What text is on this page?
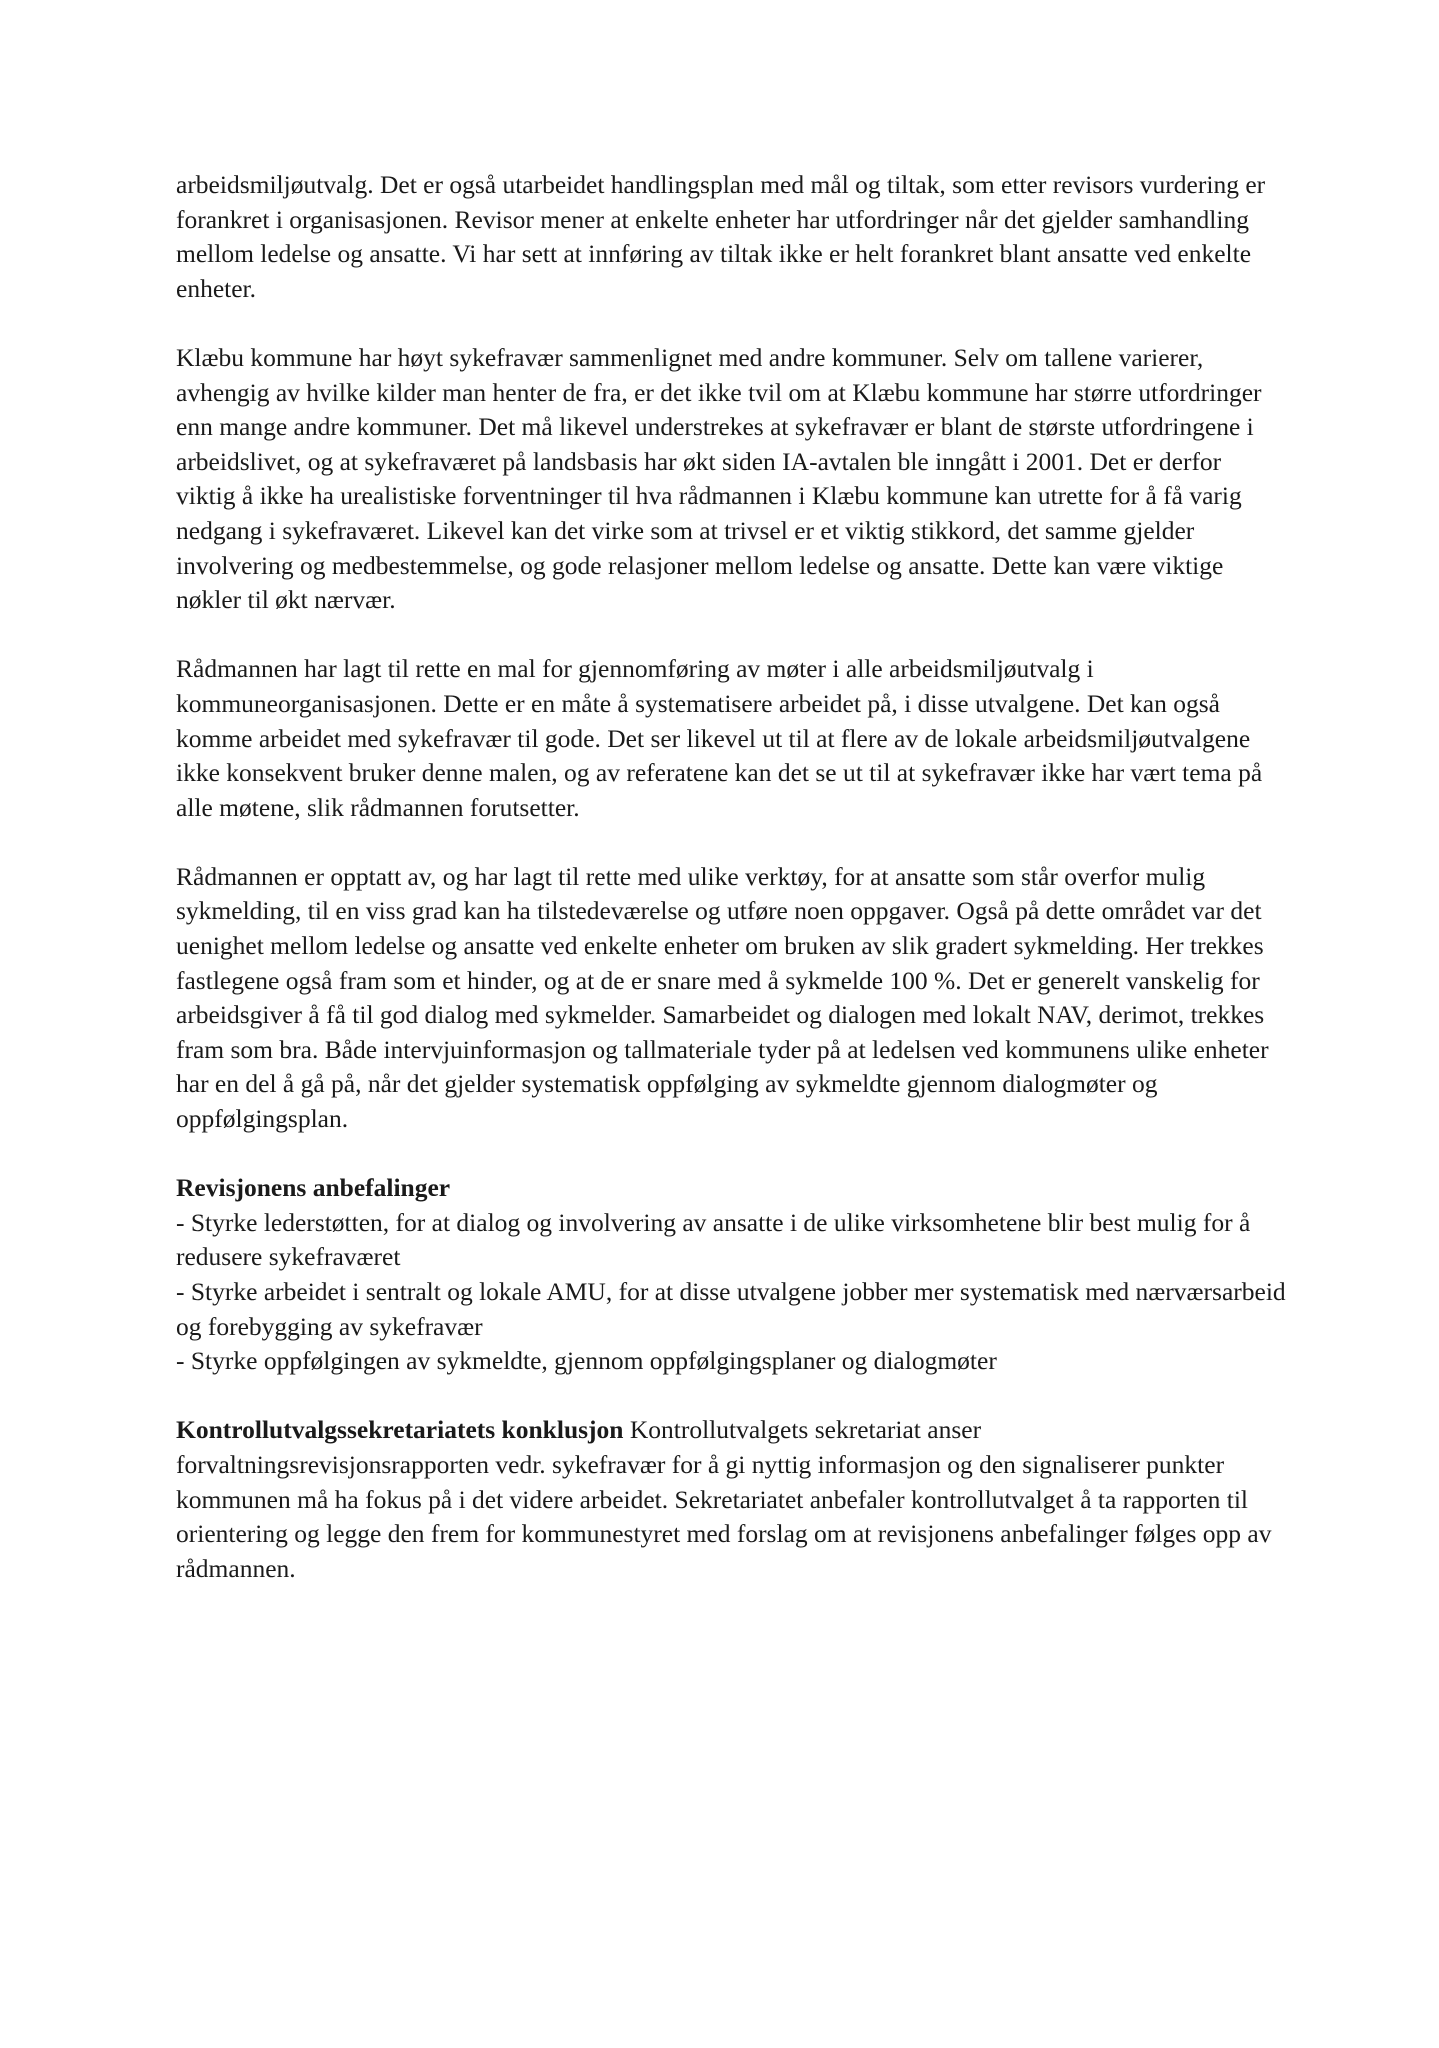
arbeidsmiljøutvalg. Det er også utarbeidet handlingsplan med mål og tiltak, som etter revisors vurdering er forankret i organisasjonen. Revisor mener at enkelte enheter har utfordringer når det gjelder samhandling mellom ledelse og ansatte. Vi har sett at innføring av tiltak ikke er helt forankret blant ansatte ved enkelte enheter.

Klæbu kommune har høyt sykefravær sammenlignet med andre kommuner. Selv om tallene varierer, avhengig av hvilke kilder man henter de fra, er det ikke tvil om at Klæbu kommune har større utfordringer enn mange andre kommuner. Det må likevel understrekes at sykefravær er blant de største utfordringene i arbeidslivet, og at sykefraværet på landsbasis har økt siden IA-avtalen ble inngått i 2001. Det er derfor viktig å ikke ha urealistiske forventninger til hva rådmannen i Klæbu kommune kan utrette for å få varig nedgang i sykefraværet. Likevel kan det virke som at trivsel er et viktig stikkord, det samme gjelder involvering og medbestemmelse, og gode relasjoner mellom ledelse og ansatte. Dette kan være viktige nøkler til økt nærvær.

Rådmannen har lagt til rette en mal for gjennomføring av møter i alle arbeidsmiljøutvalg i kommuneorganisasjonen. Dette er en måte å systematisere arbeidet på, i disse utvalgene. Det kan også komme arbeidet med sykefravær til gode. Det ser likevel ut til at flere av de lokale arbeidsmiljøutvalgene ikke konsekvent bruker denne malen, og av referatene kan det se ut til at sykefravær ikke har vært tema på alle møtene, slik rådmannen forutsetter.

Rådmannen er opptatt av, og har lagt til rette med ulike verktøy, for at ansatte som står overfor mulig sykmelding, til en viss grad kan ha tilstedeværelse og utføre noen oppgaver. Også på dette området var det uenighet mellom ledelse og ansatte ved enkelte enheter om bruken av slik gradert sykmelding. Her trekkes fastlegene også fram som et hinder, og at de er snare med å sykmelde 100 %. Det er generelt vanskelig for arbeidsgiver å få til god dialog med sykmelder. Samarbeidet og dialogen med lokalt NAV, derimot, trekkes fram som bra. Både intervjuinformasjon og tallmateriale tyder på at ledelsen ved kommunens ulike enheter har en del å gå på, når det gjelder systematisk oppfølging av sykmeldte gjennom dialogmøter og oppfølgingsplan.

Revisjonens anbefalinger

- Styrke lederstøtten, for at dialog og involvering av ansatte i de ulike virksomhetene blir best mulig for å redusere sykefraværet
- Styrke arbeidet i sentralt og lokale AMU, for at disse utvalgene jobber mer systematisk med nærværsarbeid og forebygging av sykefravær
- Styrke oppfølgingen av sykmeldte, gjennom oppfølgingsplaner og dialogmøter

Kontrollutvalgssekretariatets konklusjon Kontrollutvalgets sekretariat anser forvaltningsrevisjonsrapporten vedr. sykefravær for å gi nyttig informasjon og den signaliserer punkter kommunen må ha fokus på i det videre arbeidet. Sekretariatet anbefaler kontrollutvalget å ta rapporten til orientering og legge den frem for kommunestyret med forslag om at revisjonens anbefalinger følges opp av rådmannen.
